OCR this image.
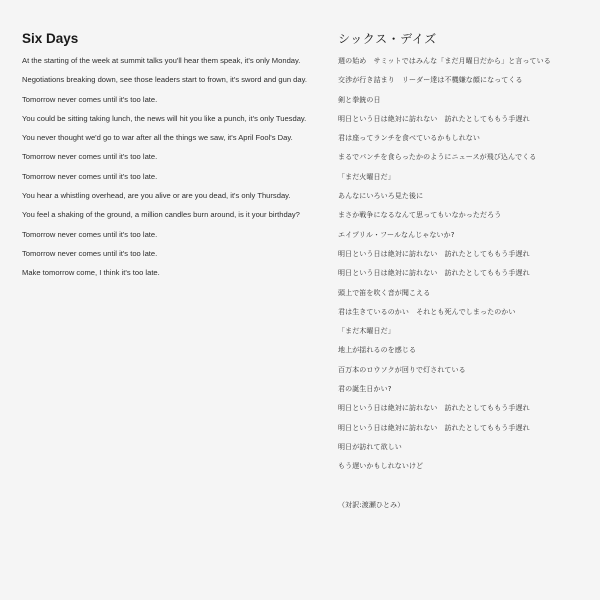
Six Days
At the starting of the week at summit talks you'll hear them speak, it's only Monday.
Negotiations breaking down, see those leaders start to frown, it's sword and gun day.
Tomorrow never comes until it's too late.
You could be sitting taking lunch, the news will hit you like a punch, it's only Tuesday.
You never thought we'd go to war after all the things we saw, it's April Fool's Day.
Tomorrow never comes until it's too late.
Tomorrow never comes until it's too late.
You hear a whistling overhead, are you alive or are you dead, it's only Thursday.
You feel a shaking of the ground, a million candles burn around, is it your birthday?
Tomorrow never comes until it's too late.
Tomorrow never comes until it's too late.
Make tomorrow come, I think it's too late.
シックス・デイズ
週の始め　サミットではみんな「まだ月曜日だから」と言っている
交渉が行き詰まり　リーダー達は不機嫌な顔になってくる
剣と拳銃の日
明日という日は絶対に訪れない　訪れたとしてももう手遅れ
君は座ってランチを食べているかもしれない
まるでパンチを食らったかのようにニュースが飛び込んでくる
「まだ火曜日だ」
あんなにいろいろ見た後に
まさか戦争になるなんて思ってもいなかっただろう
エイプリル・フールなんじゃないか?
明日という日は絶対に訪れない　訪れたとしてももう手遅れ
明日という日は絶対に訪れない　訪れたとしてももう手遅れ
頭上で笛を吹く音が聞こえる
君は生きているのかい　それとも死んでしまったのかい
「まだ木曜日だ」
地上が揺れるのを感じる
百万本のロウソクが回りで灯されている
君の誕生日かい?
明日という日は絶対に訪れない　訪れたとしてももう手遅れ
明日という日は絶対に訪れない　訪れたとしてももう手遅れ
明日が訪れて欲しい
もう遅いかもしれないけど
（対訳:渡瀬ひとみ）
